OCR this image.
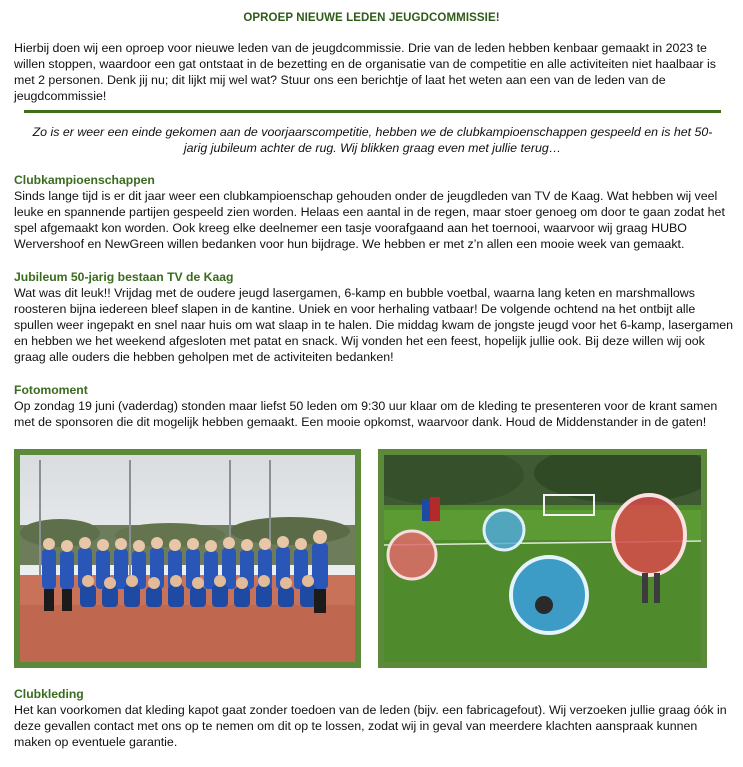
OPROEP NIEUWE LEDEN JEUGDCOMMISSIE!

Hierbij doen wij een oproep voor nieuwe leden van de jeugdcommissie. Drie van de leden hebben kenbaar gemaakt in 2023 te willen stoppen, waardoor een gat ontstaat in de bezetting en de organisatie van de competitie en alle activiteiten niet haalbaar is met 2 personen. Denk jij nu; dit lijkt mij wel wat? Stuur ons een berichtje of laat het weten aan een van de leden van de jeugdcommissie!

Zo is er weer een einde gekomen aan de voorjaarscompetitie, hebben we de clubkampioenschappen gespeeld en is het 50-jarig jubileum achter de rug. Wij blikken graag even met jullie terug…

Clubkampioenschappen

Sinds lange tijd is er dit jaar weer een clubkampioenschap gehouden onder de jeugdleden van TV de Kaag. Wat hebben wij veel leuke en spannende partijen gespeeld zien worden. Helaas een aantal in de regen, maar stoer genoeg om door te gaan zodat het spel afgemaakt kon worden. Ook kreeg elke deelnemer een tasje voorafgaand aan het toernooi, waarvoor wij graag HUBO Wervershoof en NewGreen willen bedanken voor hun bijdrage. We hebben er met z’n allen een mooie week van gemaakt.

Jubileum 50-jarig bestaan TV de Kaag

Wat was dit leuk!! Vrijdag met de oudere jeugd lasergamen, 6-kamp en bubble voetbal, waarna lang keten en marshmallows roosteren bijna iedereen bleef slapen in de kantine. Uniek en voor herhaling vatbaar! De volgende ochtend na het ontbijt alle spullen weer ingepakt en snel naar huis om wat slaap in te halen. Die middag kwam de jongste jeugd voor het 6-kamp, lasergamen en hebben we het weekend afgesloten met patat en snack. Wij vonden het een feest, hopelijk jullie ook. Bij deze willen wij ook graag alle ouders die hebben geholpen met de activiteiten bedanken!

Fotomoment

Op zondag 19 juni (vaderdag) stonden maar liefst 50 leden om 9:30 uur klaar om de kleding te presenteren voor de krant samen met de sponsoren die dit mogelijk hebben gemaakt. Een mooie opkomst, waarvoor dank. Houd de Middenstander in de gaten!

Clubkleding

Het kan voorkomen dat kleding kapot gaat zonder toedoen van de leden (bijv. een fabricagefout). Wij verzoeken jullie graag óók in deze gevallen contact met ons op te nemen om dit op te lossen, zodat wij in geval van meerdere klachten aanspraak kunnen maken op eventuele garantie.
